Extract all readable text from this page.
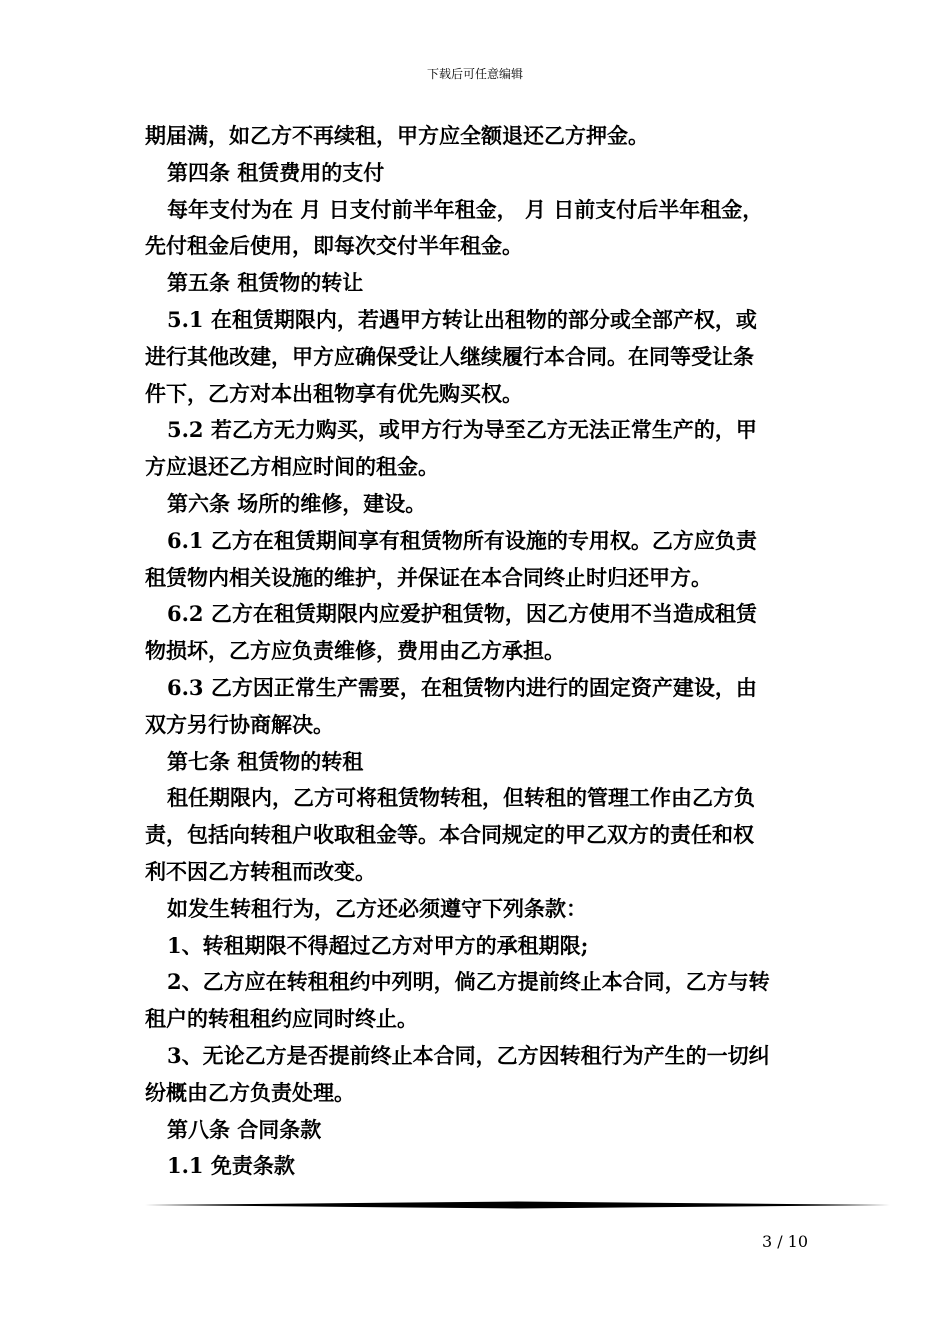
下载后可任意编辑
期届满，如乙方不再续租，甲方应全额退还乙方押金。
第四条 租赁费用的支付
每年支付为在 月 日支付前半年租金， 月 日前支付后半年租金，
先付租金后使用，即每次交付半年租金。
第五条 租赁物的转让
5.1 在租赁期限内，若遇甲方转让出租物的部分或全部产权，或
进行其他改建，甲方应确保受让人继续履行本合同。在同等受让条
件下，乙方对本出租物享有优先购买权。
5.2 若乙方无力购买，或甲方行为导至乙方无法正常生产的，甲
方应退还乙方相应时间的租金。
第六条 场所的维修，建设。
6.1 乙方在租赁期间享有租赁物所有设施的专用权。乙方应负责
租赁物内相关设施的维护，并保证在本合同终止时归还甲方。
6.2 乙方在租赁期限内应爱护租赁物，因乙方使用不当造成租赁
物损坏，乙方应负责维修，费用由乙方承担。
6.3 乙方因正常生产需要，在租赁物内进行的固定资产建设，由
双方另行协商解决。
第七条 租赁物的转租
租任期限内，乙方可将租赁物转租，但转租的管理工作由乙方负
责，包括向转租户收取租金等。本合同规定的甲乙双方的责任和权
利不因乙方转租而改变。
如发生转租行为，乙方还必须遵守下列条款：
1、转租期限不得超过乙方对甲方的承租期限;
2、乙方应在转租租约中列明，倘乙方提前终止本合同，乙方与转
租户的转租租约应同时终止。
3、无论乙方是否提前终止本合同，乙方因转租行为产生的一切纠
纷概由乙方负责处理。
第八条 合同条款
1.1 免责条款
3 / 10
